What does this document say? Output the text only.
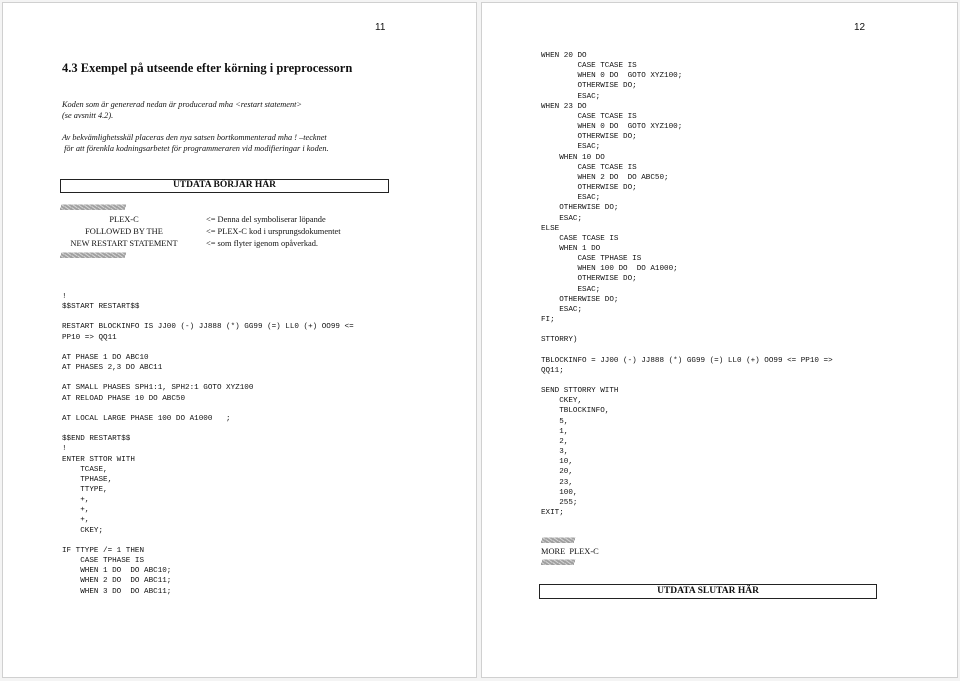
11
4.3 Exempel på utseende efter körning i preprocessorn

Koden som är genererad nedan är producerad mha <restart statement>

(se avsnitt 4.2).

Av bekvämlighetsskäl placeras den nya satsen bortkommenterad mha ! –tecknet

för att förenkla kodningsarbetet för programmeraren vid modifieringar i koden.

UTDATA BÖRJAR HÄR
/////////////////////////////////////////////////////
PLEX-C
FOLLOWED BY THE
NEW RESTART STATEMENT
/////////////////////////////////////////////////////
<= Denna del symboliserar löpande
<= PLEX-C kod i ursprungsdokumentet
<= som flyter igenom opåverkad.
!
$$START RESTART$$

RESTART BLOCKINFO IS JJ00 (-) JJ888 (*) GG99 (=) LL0 (+) OO99 <=
PP10 => QQ11

AT PHASE 1 DO ABC10
AT PHASES 2,3 DO ABC11

AT SMALL PHASES SPH1:1, SPH2:1 GOTO XYZ100
AT RELOAD PHASE 10 DO ABC50

AT LOCAL LARGE PHASE 100 DO A1000   ;

$$END RESTART$$
!
ENTER STTOR WITH
TCASE,
TPHASE,
TTYPE,
+,
+,
+,
CKEY;

IF TTYPE /= 1 THEN
CASE TPHASE IS
WHEN 1 DO  DO ABC10;
WHEN 2 DO  DO ABC11;
WHEN 3 DO  DO ABC11;
12
WHEN 20 DO
CASE TCASE IS
WHEN 0 DO  GOTO XYZ100;
OTHERWISE DO;
ESAC;
WHEN 23 DO
CASE TCASE IS
WHEN 0 DO  GOTO XYZ100;
OTHERWISE DO;
ESAC;
WHEN 10 DO
CASE TCASE IS
WHEN 2 DO  DO ABC50;
OTHERWISE DO;
ESAC;
OTHERWISE DO;
ESAC;
ELSE
CASE TCASE IS
WHEN 1 DO
CASE TPHASE IS
WHEN 100 DO  DO A1000;
OTHERWISE DO;
ESAC;
OTHERWISE DO;
ESAC;
FI;

STTORRY)

TBLOCKINFO = JJ00 (-) JJ888 (*) GG99 (=) LL0 (+) OO99 <= PP10 =>
QQ11;

SEND STTORRY WITH
CKEY,
TBLOCKINFO,
5,
1,
2,
3,
10,
20,
23,
100,
255;
EXIT;
///////////////////////////
MORE  PLEX-C
///////////////////////////
UTDATA SLUTAR HÄR
